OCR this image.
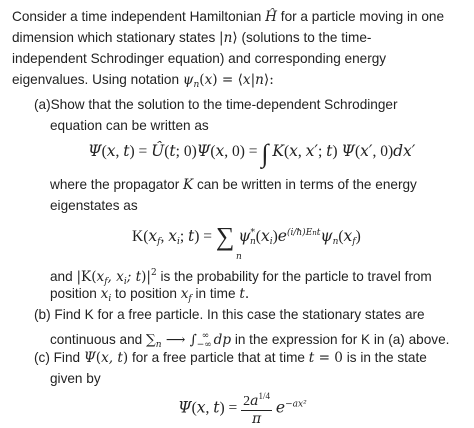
Consider a time independent Hamiltonian Ĥ for a particle moving in one
dimension which stationary states |n⟩ (solutions to the time-
independent Schrodinger equation) and corresponding energy
eigenvalues. Using notation $\psi_n(x)$ = ⟨x|n⟩:
(a)Show that the solution to the time-dependent Schrodinger
equation can be written as
Ψ(x, t) = Û(t; 0)Ψ(x, 0) = ∫ K(x, x′; t) Ψ(x′, 0)dx′
where the propagator K can be written in terms of the energy
eigenstates as
$K(x_f$, $x_i$; t) = ∑ $\psi^*_n(x_i)e^{(i/ħ)Ent}\psi_n(x_f)$
n
and $|K(x_f$, $x_i$; $t)|^2$ is the probability for the particle to travel from
position $x_i$ to position $x_f$ in time t.
(b) Find K for a free particle. In this case the stationary states are
continuous and $\sum_n$ ⟶ $\int_{-\infty}^\infty$ dp in the expression for K in (a) above.
(c) Find Ψ(x, t) for a free particle that at time t = 0 is in the state
given by
Ψ(x, $t) = \frac{2a^{1/4}}{\pi} e^{-ax^2}$
